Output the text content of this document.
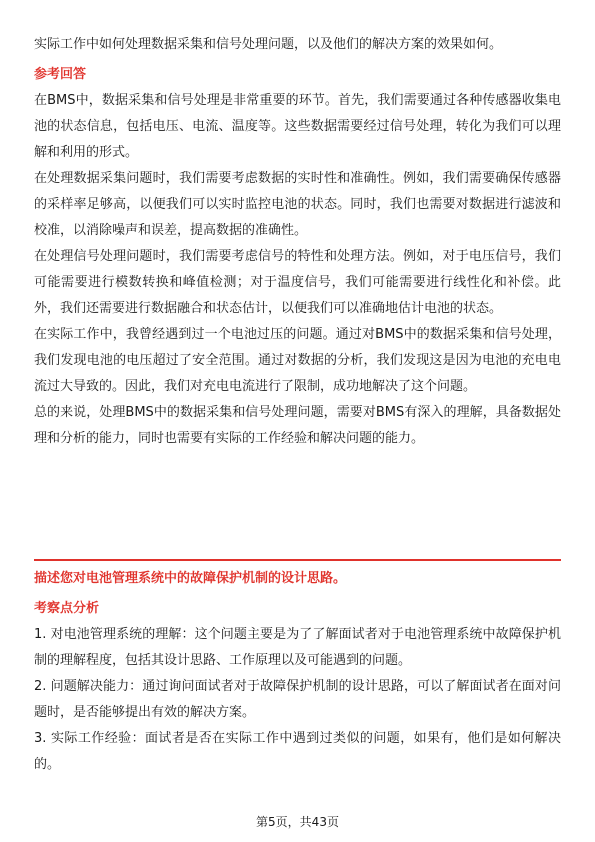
实际工作中如何处理数据采集和信号处理问题，以及他们的解决方案的效果如何。

参考回答

在BMS中，数据采集和信号处理是非常重要的环节。首先，我们需要通过各种传感器收集电池的状态信息，包括电压、电流、温度等。这些数据需要经过信号处理，转化为我们可以理解和利用的形式。

在处理数据采集问题时，我们需要考虑数据的实时性和准确性。例如，我们需要确保传感器的采样率足够高，以便我们可以实时监控电池的状态。同时，我们也需要对数据进行滤波和校准，以消除噪声和误差，提高数据的准确性。

在处理信号处理问题时，我们需要考虑信号的特性和处理方法。例如，对于电压信号，我们可能需要进行模数转换和峰值检测；对于温度信号，我们可能需要进行线性化和补偿。此外，我们还需要进行数据融合和状态估计，以便我们可以准确地估计电池的状态。

在实际工作中，我曾经遇到过一个电池过压的问题。通过对BMS中的数据采集和信号处理，我们发现电池的电压超过了安全范围。通过对数据的分析，我们发现这是因为电池的充电电流过大导致的。因此，我们对充电电流进行了限制，成功地解决了这个问题。

总的来说，处理BMS中的数据采集和信号处理问题，需要对BMS有深入的理解，具备数据处理和分析的能力，同时也需要有实际的工作经验和解决问题的能力。

描述您对电池管理系统中的故障保护机制的设计思路。

考察点分析

1. 对电池管理系统的理解：这个问题主要是为了了解面试者对于电池管理系统中故障保护机制的理解程度，包括其设计思路、工作原理以及可能遇到的问题。

2. 问题解决能力：通过询问面试者对于故障保护机制的设计思路，可以了解面试者在面对问题时，是否能够提出有效的解决方案。

3. 实际工作经验：面试者是否在实际工作中遇到过类似的问题，如果有，他们是如何解决的。

第5页，共43页
